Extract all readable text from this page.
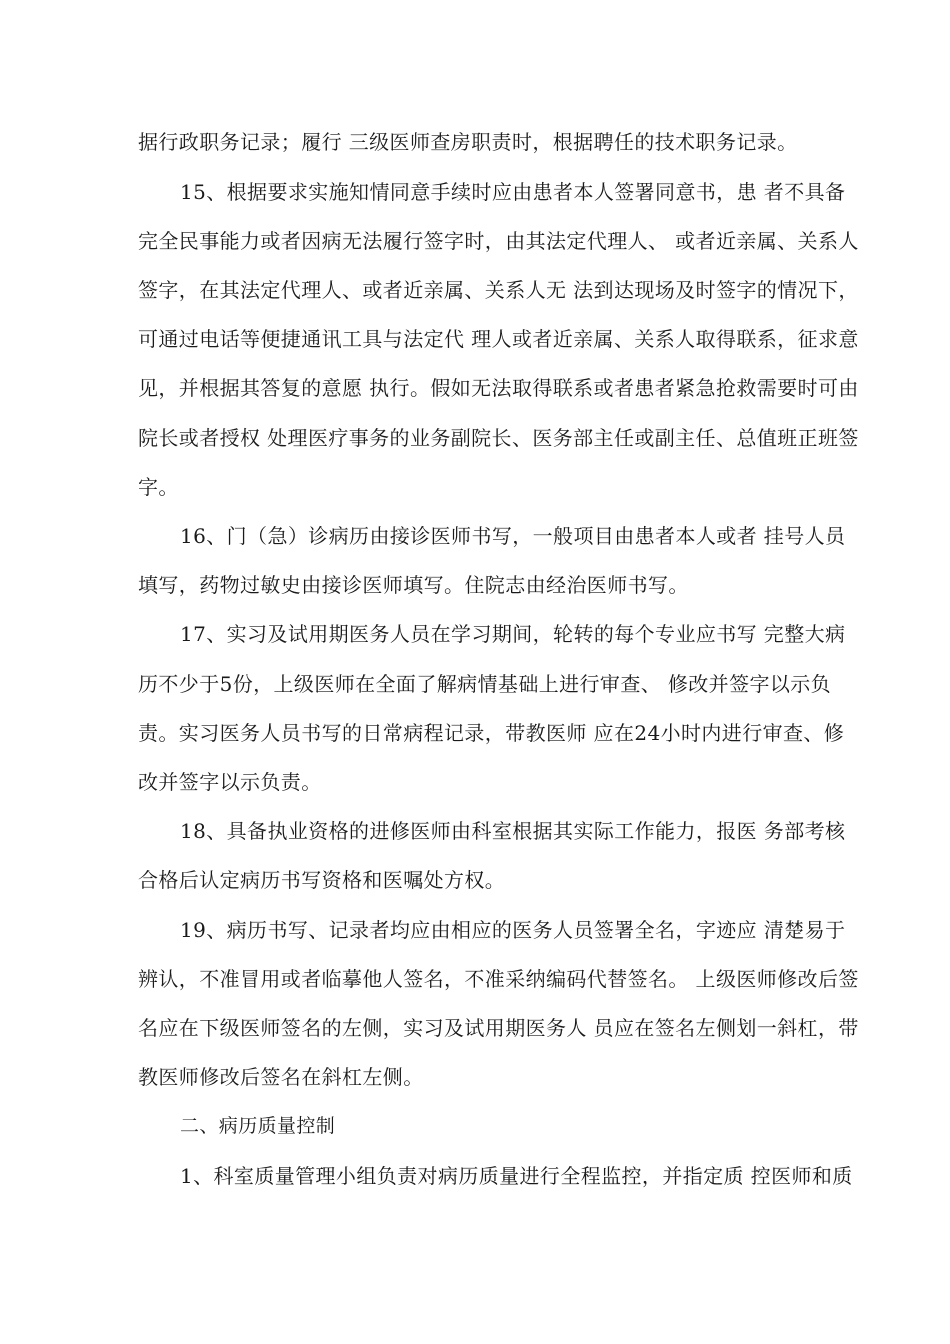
据行政职务记录；履行 三级医师查房职责时，根据聘任的技术职务记录。
15、根据要求实施知情同意手续时应由患者本人签署同意书，患 者不具备
完全民事能力或者因病无法履行签字时，由其法定代理人、 或者近亲属、关系人
签字，在其法定代理人、或者近亲属、关系人无 法到达现场及时签字的情况下，
可通过电话等便捷通讯工具与法定代 理人或者近亲属、关系人取得联系，征求意
见，并根据其答复的意愿 执行。假如无法取得联系或者患者紧急抢救需要时可由
院长或者授权 处理医疗事务的业务副院长、医务部主任或副主任、总值班正班签
字。
16、门（急）诊病历由接诊医师书写，一般项目由患者本人或者 挂号人员
填写，药物过敏史由接诊医师填写。住院志由经治医师书写。
17、实习及试用期医务人员在学习期间，轮转的每个专业应书写 完整大病
历不少于5份，上级医师在全面了解病情基础上进行审查、 修改并签字以示负
责。实习医务人员书写的日常病程记录，带教医师 应在24小时内进行审查、修
改并签字以示负责。
18、具备执业资格的进修医师由科室根据其实际工作能力，报医 务部考核
合格后认定病历书写资格和医嘱处方权。
19、病历书写、记录者均应由相应的医务人员签署全名，字迹应 清楚易于
辨认，不准冒用或者临摹他人签名，不准采纳编码代替签名。 上级医师修改后签
名应在下级医师签名的左侧，实习及试用期医务人 员应在签名左侧划一斜杠，带
教医师修改后签名在斜杠左侧。
二、病历质量控制
1、科室质量管理小组负责对病历质量进行全程监控，并指定质 控医师和质
